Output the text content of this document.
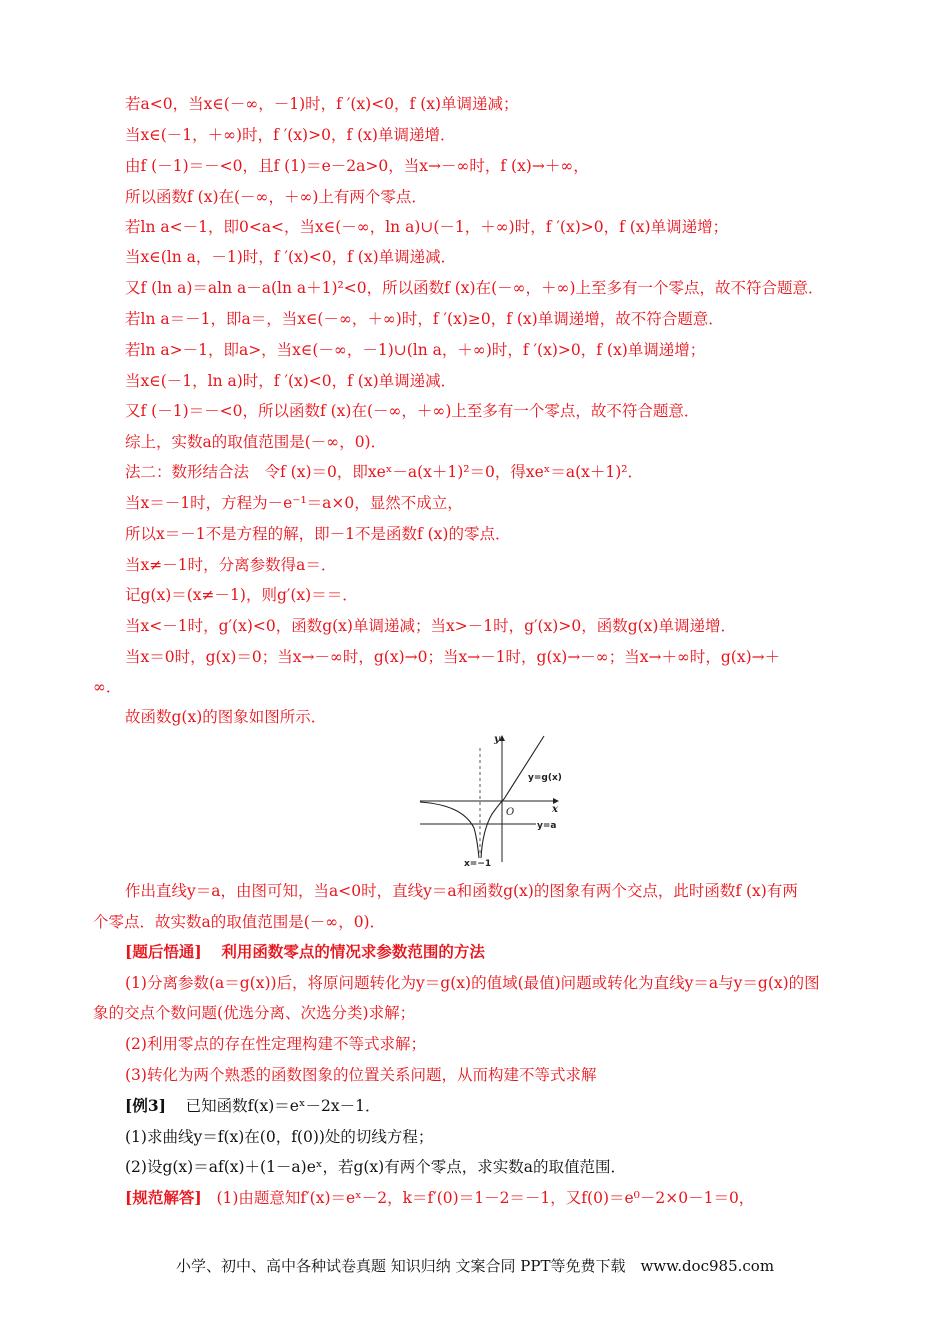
若a<0，当x∈(－∞，－1)时，f ′(x)<0，f (x)单调递减；
当x∈(－1，＋∞)时，f ′(x)>0，f (x)单调递增．
由f (－1)＝－<0，且f (1)＝e－2a>0，当x→－∞时，f (x)→＋∞，
所以函数f (x)在(－∞，＋∞)上有两个零点．
若ln a<－1，即0<a<，当x∈(－∞，ln a)∪(－1，＋∞)时，f ′(x)>0，f (x)单调递增；
当x∈(ln a，－1)时，f ′(x)<0，f (x)单调递减．
又f (ln a)＝aln a－a(ln a＋1)²<0，所以函数f (x)在(－∞，＋∞)上至多有一个零点，故不符合题意．
若ln a＝－1，即a＝，当x∈(－∞，＋∞)时，f ′(x)≥0，f (x)单调递增，故不符合题意．
若ln a>－1，即a>，当x∈(－∞，－1)∪(ln a，＋∞)时，f ′(x)>0，f (x)单调递增；
当x∈(－1，ln a)时，f ′(x)<0，f (x)单调递减．
又f (－1)＝－<0，所以函数f (x)在(－∞，＋∞)上至多有一个零点，故不符合题意．
综上，实数a的取值范围是(－∞，0)．
法二：数形结合法　令f (x)＝0，即xeˣ－a(x＋1)²＝0，得xeˣ＝a(x＋1)²．
当x＝－1时，方程为－e⁻¹＝a×0，显然不成立，
所以x＝－1不是方程的解，即－1不是函数f (x)的零点．
当x≠－1时，分离参数得a＝．
记g(x)＝(x≠－1)，则g′(x)＝＝．
当x<－1时，g′(x)<0，函数g(x)单调递减；当x>－1时，g′(x)>0，函数g(x)单调递增．
当x＝0时，g(x)＝0；当x→－∞时，g(x)→0；当x→－1时，g(x)→－∞；当x→＋∞时，g(x)→＋
∞．
故函数g(x)的图象如图所示．
y
x
O
y=g(x)
y=a
x=−1
作出直线y＝a，由图可知，当a<0时，直线y＝a和函数g(x)的图象有两个交点，此时函数f (x)有两
个零点．故实数a的取值范围是(－∞，0)．
[题后悟通] 利用函数零点的情况求参数范围的方法
(1)分离参数(a＝g(x))后，将原问题转化为y＝g(x)的值域(最值)问题或转化为直线y＝a与y＝g(x)的图
象的交点个数问题(优选分离、次选分类)求解；
(2)利用零点的存在性定理构建不等式求解；
(3)转化为两个熟悉的函数图象的位置关系问题，从而构建不等式求解
[例3] 已知函数f(x)＝eˣ－2x－1．
(1)求曲线y＝f(x)在(0，f(0))处的切线方程；
(2)设g(x)＝af(x)＋(1－a)eˣ，若g(x)有两个零点，求实数a的取值范围．
[规范解答] (1)由题意知f′(x)＝eˣ－2，k＝f′(0)＝1－2＝－1，又f(0)＝e⁰－2×0－1＝0，
小学、初中、高中各种试卷真题 知识归纳 文案合同 PPT等免费下载　www.doc985.com
